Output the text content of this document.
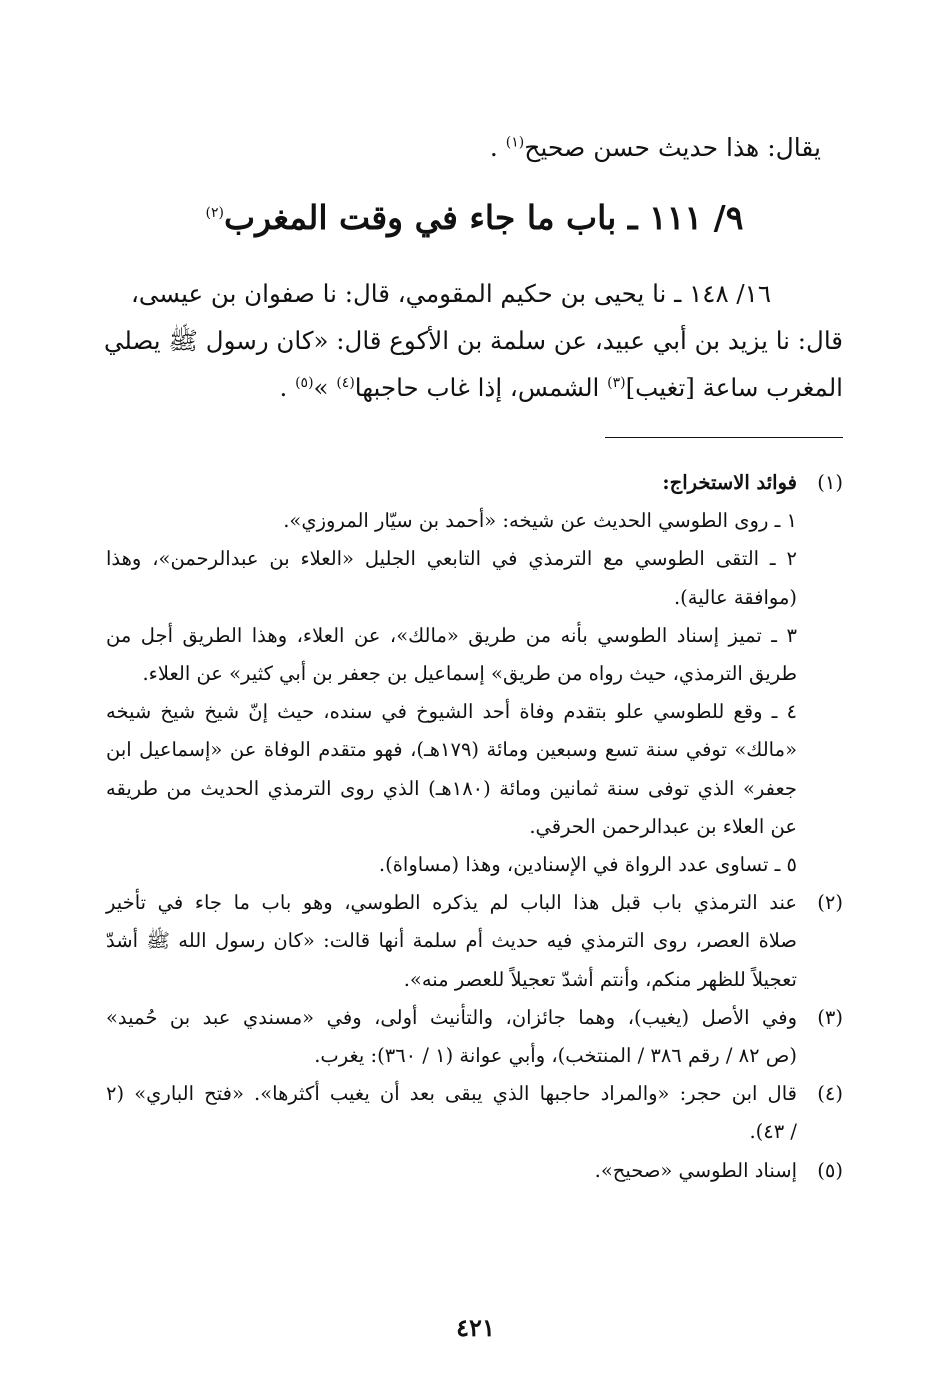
يقال: هذا حديث حسن صحيح$^{(١)}$ .

٩/ ١١١ ـ باب ما جاء في وقت المغرب$^{(٢)}$
١٦/ ١٤٨ ـ نا يحيى بن حكيم المقومي، قال: نا صفوان بن عيسى،
قال: نا يزيد بن أبي عبيد، عن سلمة بن الأكوع قال: «كان رسول ﷺ يصلي
المغرب ساعة [تغيب]$^{(٣)}$ الشمس، إذا غاب حاجبها$^{(٤)}$ »$^{(٥)}$ .
(١)
فوائد الاستخراج:
١ ـ روى الطوسي الحديث عن شيخه: «أحمد بن سيّار المروزي».
٢ ـ التقى الطوسي مع الترمذي في التابعي الجليل «العلاء بن عبدالرحمن»، وهذا
(موافقة عالية).
٣ ـ تميز إسناد الطوسي بأنه من طريق «مالك»، عن العلاء، وهذا الطريق أجل من
طريق الترمذي، حيث رواه من طريق» إسماعيل بن جعفر بن أبي كثير» عن العلاء.
٤ ـ وقع للطوسي علو بتقدم وفاة أحد الشيوخ في سنده، حيث إنّ شيخ شيخ شيخه
«مالك» توفي سنة تسع وسبعين ومائة (١٧٩هـ)، فهو متقدم الوفاة عن «إسماعيل ابن
جعفر» الذي توفى سنة ثمانين ومائة (١٨٠هـ) الذي روى الترمذي الحديث من طريقه
عن العلاء بن عبدالرحمن الحرقي.
٥ ـ تساوى عدد الرواة في الإسنادين، وهذا (مساواة).
(٢)
عند الترمذي باب قبل هذا الباب لم يذكره الطوسي، وهو باب ما جاء في تأخير
صلاة العصر، روى الترمذي فيه حديث أم سلمة أنها قالت: «كان رسول الله ﷺ أشدّ
تعجيلاً للظهر منكم، وأنتم أشدّ تعجيلاً للعصر منه».
(٣)
وفي الأصل (يغيب)، وهما جائزان، والتأنيث أولى، وفي «مسندي عبد بن حُميد»
(ص ٨٢ / رقم ٣٨٦ / المنتخب)، وأبي عوانة (١ / ٣٦٠): يغرب.
(٤)
قال ابن حجر: «والمراد حاجبها الذي يبقى بعد أن يغيب أكثرها». «فتح الباري» (٢
/ ٤٣).
(٥)
إسناد الطوسي «صحيح».
٤٢١
